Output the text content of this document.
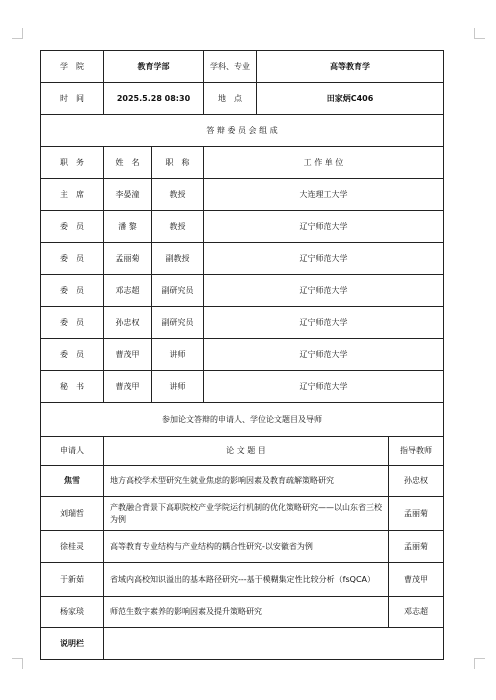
学　院	教育学部		学科、专业	高等教育学	
时　间	2025.5.28 08:30		地　点	田家炳C406	
答 辩 委 员 会 组 成					
职　务	姓　名	职　称	工 作 单 位		
主　席	李晏潼	教授	大连理工大学		
委　员	潘 黎	教授	辽宁师范大学		
委　员	孟丽菊	副教授	辽宁师范大学		
委　员	邓志超	副研究员	辽宁师范大学		
委　员	孙忠权	副研究员	辽宁师范大学		
委　员	曹茂甲	讲师	辽宁师范大学		
秘　书	曹茂甲	讲师	辽宁师范大学		
参加论文答辩的申请人、学位论文题目及导师					
申请人	论 文 题 目				指导教师
焦雪	地方高校学术型研究生就业焦虑的影响因素及教育疏解策略研究				孙忠权
刘瑞哲	产教融合背景下高职院校产业学院运行机制的优化策略研究——以山东省三校为例				孟丽菊
徐桂灵	高等教育专业结构与产业结构的耦合性研究-以安徽省为例				孟丽菊
于新茹	省域内高校知识溢出的基本路径研究---基于模糊集定性比较分析（fsQCA）				曹茂甲
杨家琰	师范生数字素养的影响因素及提升策略研究				邓志超
说明栏					
